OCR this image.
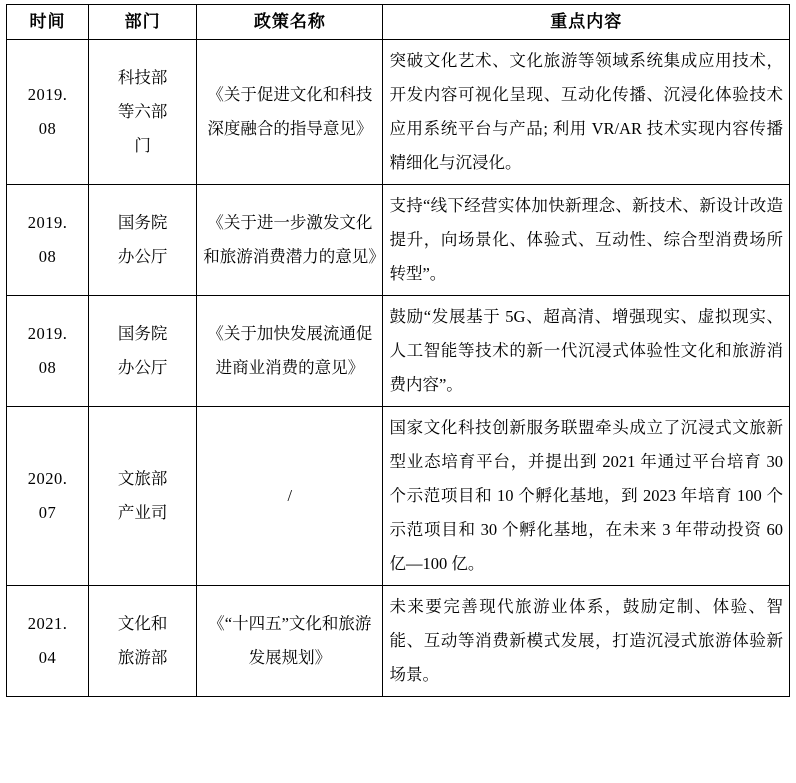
时间	部门	政策名称	重点内容

2019.
08	科技部
等六部
门	《关于促进文化和科技深度融合的指导意见》	突破文化艺术、文化旅游等领域系统集成应用技术，开发内容可视化呈现、互动化传播、沉浸化体验技术应用系统平台与产品; 利用 VR/AR 技术实现内容传播精细化与沉浸化。

2019.
08	国务院
办公厅	《关于进一步激发文化和旅游消费潜力的意见》	支持“线下经营实体加快新理念、新技术、新设计改造提升，向场景化、体验式、互动性、综合型消费场所转型”。

2019.
08	国务院
办公厅	《关于加快发展流通促进商业消费的意见》	鼓励“发展基于 5G、超高清、增强现实、虚拟现实、人工智能等技术的新一代沉浸式体验性文化和旅游消费内容”。

2020.
07	文旅部
产业司	/	国家文化科技创新服务联盟牵头成立了沉浸式文旅新型业态培育平台，并提出到 2021 年通过平台培育 30 个示范项目和 10 个孵化基地，到 2023 年培育 100 个示范项目和 30 个孵化基地，在未来 3 年带动投资 60 亿—100 亿。

2021.
04	文化和
旅游部	《“十四五”文化和旅游发展规划》	未来要完善现代旅游业体系，鼓励定制、体验、智能、互动等消费新模式发展，打造沉浸式旅游体验新场景。
